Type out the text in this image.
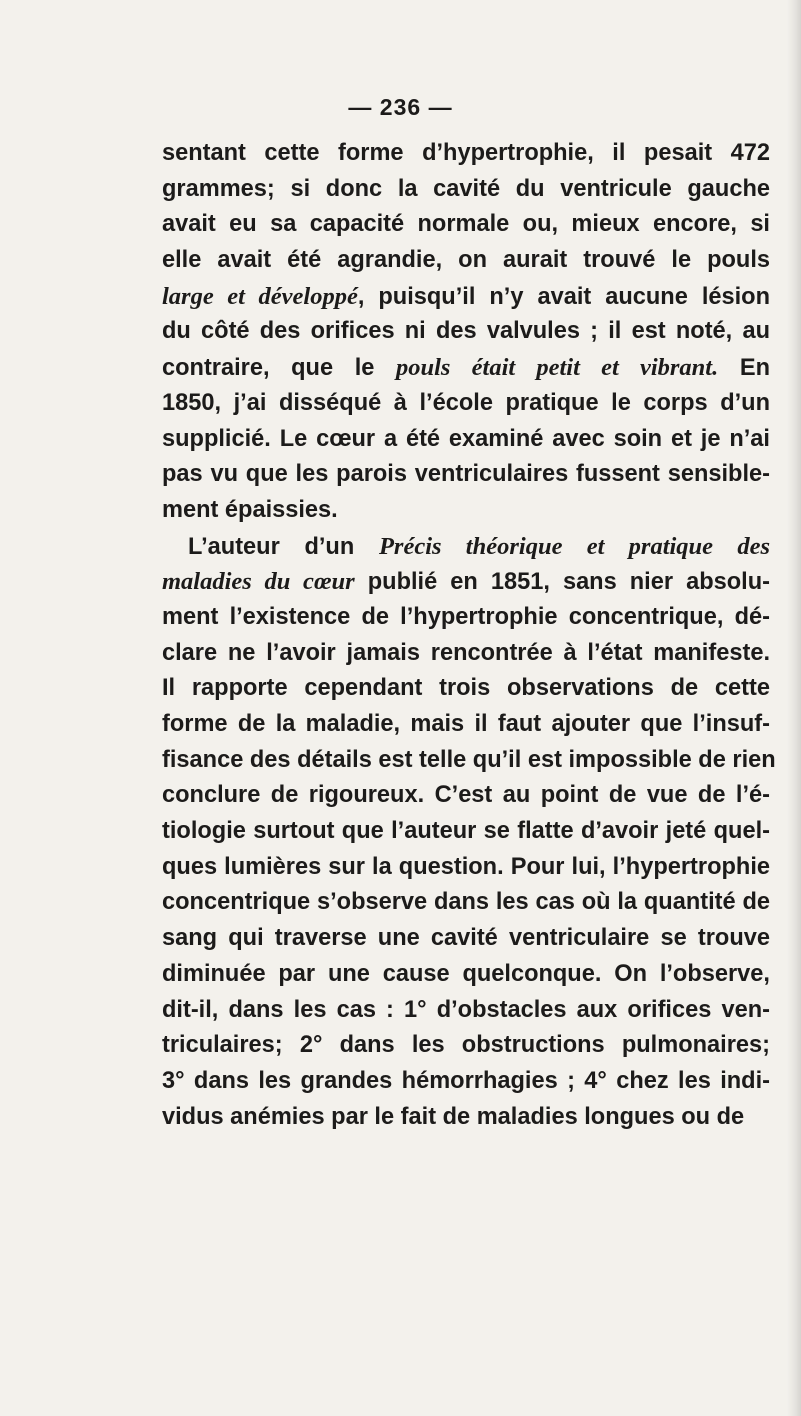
— 236 —
sentant cette forme d’hypertrophie, il pesait 472
grammes; si donc la cavité du ventricule gauche
avait eu sa capacité normale ou, mieux encore, si
elle avait été agrandie, on aurait trouvé le pouls
large et développé, puisqu’il n’y avait aucune lésion
du côté des orifices ni des valvules ; il est noté, au
contraire, que le pouls était petit et vibrant. En
1850, j’ai disséqué à l’école pratique le corps d’un
supplicié. Le cœur a été examiné avec soin et je n’ai
pas vu que les parois ventriculaires fussent sensible-
ment épaissies.
L’auteur d’un Précis théorique et pratique des
maladies du cœur publié en 1851, sans nier absolu-
ment l’existence de l’hypertrophie concentrique, dé-
clare ne l’avoir jamais rencontrée à l’état manifeste.
Il rapporte cependant trois observations de cette
forme de la maladie, mais il faut ajouter que l’insuf-
fisance des détails est telle qu’il est impossible de rien
conclure de rigoureux. C’est au point de vue de l’é-
tiologie surtout que l’auteur se flatte d’avoir jeté quel-
ques lumières sur la question. Pour lui, l’hypertrophie
concentrique s’observe dans les cas où la quantité de
sang qui traverse une cavité ventriculaire se trouve
diminuée par une cause quelconque. On l’observe,
dit-il, dans les cas : 1° d’obstacles aux orifices ven-
triculaires; 2° dans les obstructions pulmonaires;
3° dans les grandes hémorrhagies ; 4° chez les indi-
vidus anémies par le fait de maladies longues ou de
